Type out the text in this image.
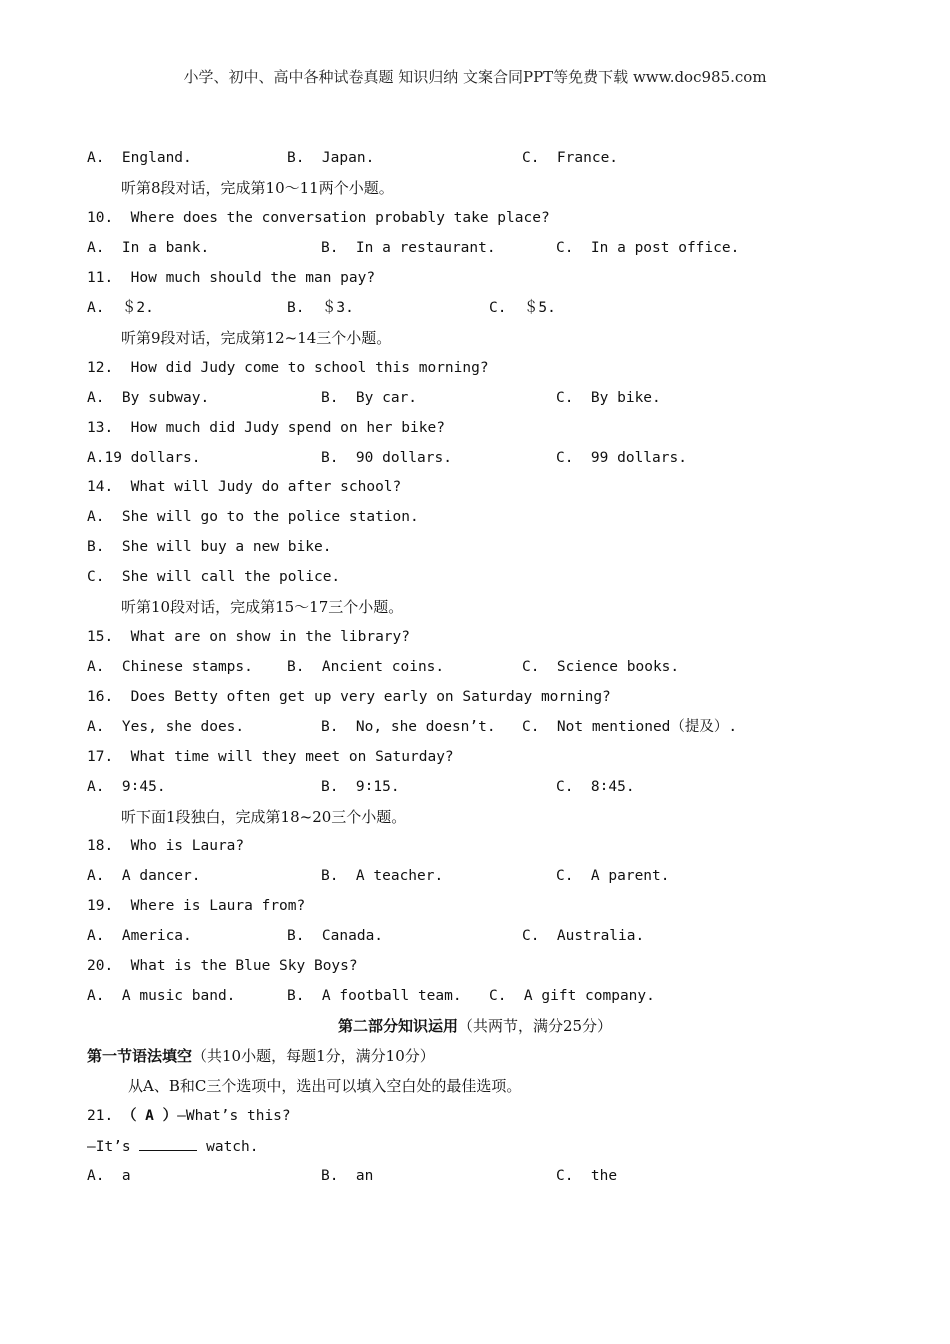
小学、初中、高中各种试卷真题 知识归纳 文案合同PPT等免费下载 www.doc985.com
A.  England.	B.  Japan.	C.  France.
听第8段对话，完成第10～11两个小题。
10.  Where does the conversation probably take place?
A.  In a bank.	B.  In a restaurant.	C.  In a post office.
11.  How much should the man pay?
A.  ＄2.	B.  ＄3.	C.  ＄5.
听第9段对话，完成第12~14三个小题。
12.  How did Judy come to school this morning?
A.  By subway.	B.  By car.	C.  By bike.
13.  How much did Judy spend on her bike?
A.19 dollars.	B.  90 dollars.	C.  99 dollars.
14.  What will Judy do after school?
A.  She will go to the police station.
B.  She will buy a new bike.
C.  She will call the police.
听第10段对话，完成第15～17三个小题。
15.  What are on show in the library?
A.  Chinese stamps. B.  Ancient coins.	C.  Science books.
16.  Does Betty often get up very early on Saturday morning?
A.  Yes, she does.	B.  No, she doesn’t. C.  Not mentioned（提及）.
17.  What time will they meet on Saturday?
A.  9∶45.	B.  9∶15.	C.  8∶45.
听下面1段独白，完成第18~20三个小题。
18.  Who is Laura?
A.  A dancer.	B.  A teacher.	C.  A parent.
19.  Where is Laura from?
A.  America.	B.  Canada.	C.  Australia.
20.  What is the Blue Sky Boys?
A.  A music band.	B.  A football team. C.  A gift company.
第二部分知识运用（共两节，满分25分）
第一节语法填空（共10小题，每题1分，满分10分）
从A、B和C三个选项中，选出可以填入空白处的最佳选项。
21. （ A ）—What’s this?
—It’s	watch.
A.  a	B.  an	C.  the
